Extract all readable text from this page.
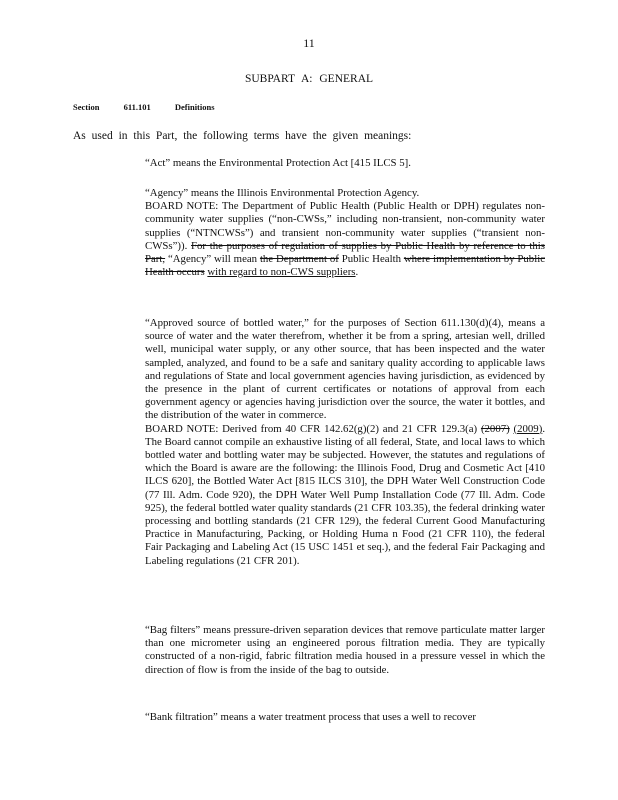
11
SUBPART A: GENERAL
Section	611.101	Definitions
As used in this Part, the following terms have the given meanings:

“Act” means the Environmental Protection Act [415 ILCS 5].

“Agency” means the Illinois Environmental Protection Agency.

BOARD NOTE: The Department of Public Health (Public Health or DPH) regulates non-community water supplies (“non-CWSs,” including non-transient, non-community water supplies (“NTNCWSs”) and transient non-community water supplies (“transient non-CWSs”)). For the purposes of regulation of supplies by Public Health by reference to this Part, “Agency” will mean the Department of Public Health where implementation by Public Health occurs with regard to non-CWS suppliers.

“Approved source of bottled water,” for the purposes of Section 611.130(d)(4), means a source of water and the water therefrom, whether it be from a spring, artesian well, drilled well, municipal water supply, or any other source, that has been inspected and the water sampled, analyzed, and found to be a safe and sanitary quality according to applicable laws and regulations of State and local government agencies having jurisdiction, as evidenced by the presence in the plant of current certificates or notations of approval from each government agency or agencies having jurisdiction over the source, the water it bottles, and the distribution of the water in commerce.

BOARD NOTE: Derived from 40 CFR 142.62(g)(2) and 21 CFR 129.3(a) (2007) (2009). The Board cannot compile an exhaustive listing of all federal, State, and local laws to which bottled water and bottling water may be subjected. However, the statutes and regulations of which the Board is aware are the following: the Illinois Food, Drug and Cosmetic Act [410 ILCS 620], the Bottled Water Act [815 ILCS 310], the DPH Water Well Construction Code (77 Ill. Adm. Code 920), the DPH Water Well Pump Installation Code (77 Ill. Adm. Code 925), the federal bottled water quality standards (21 CFR 103.35), the federal drinking water processing and bottling standards (21 CFR 129), the federal Current Good Manufacturing Practice in Manufacturing, Packing, or Holding Huma n Food (21 CFR 110), the federal Fair Packaging and Labeling Act (15 USC 1451 et seq.), and the federal Fair Packaging and Labeling regulations (21 CFR 201).

“Bag filters” means pressure-driven separation devices that remove particulate matter larger than one micrometer using an engineered porous filtration media. They are typically constructed of a non-rigid, fabric filtration media housed in a pressure vessel in which the direction of flow is from the inside of the bag to outside.

“Bank filtration” means a water treatment process that uses a well to recover
